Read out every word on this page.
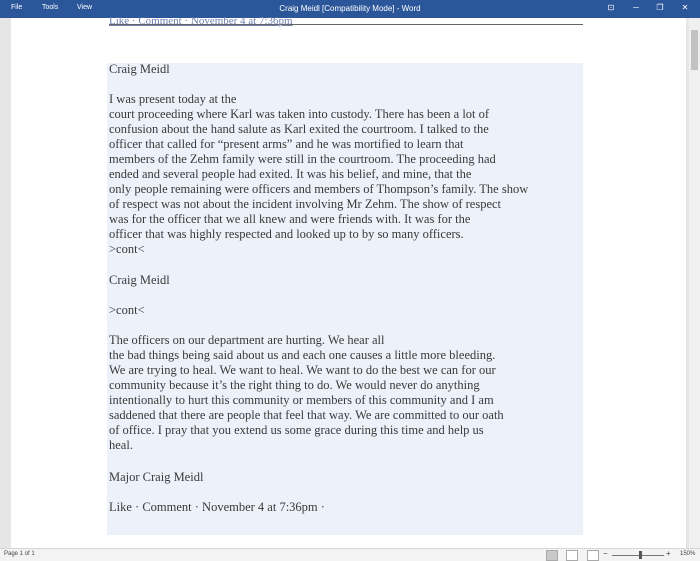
File	Tools	View	Craig Meidl [Compatibility Mode] - Word	⊡	─	❐	✕
Like · Comment · November 4 at 7:36pm
Craig Meidl
I was present today at the
court proceeding where Karl was taken into custody. There has been a lot of
confusion about the hand salute as Karl exited the courtroom. I talked to the
officer that called for “present arms” and he was mortified to learn that
members of the Zehm family were still in the courtroom. The proceeding had
ended and several people had exited. It was his belief, and mine, that the
only people remaining were officers and members of Thompson’s family. The show
of respect was not about the incident involving Mr Zehm. The show of respect
was for the officer that we all knew and were friends with. It was for the
officer that was highly respected and looked up to by so many officers.
>cont<
Craig Meidl
>cont<
The officers on our department are hurting. We hear all
the bad things being said about us and each one causes a little more bleeding.
We are trying to heal. We want to heal. We want to do the best we can for our
community because it’s the right thing to do. We would never do anything
intentionally to hurt this community or members of this community and I am
saddened that there are people that feel that way. We are committed to our oath
of office. I pray that you extend us some grace during this time and help us
heal.
Major Craig Meidl
Like · Comment · November 4 at 7:36pm ·
Page 1 of 1	−	+ 150%
